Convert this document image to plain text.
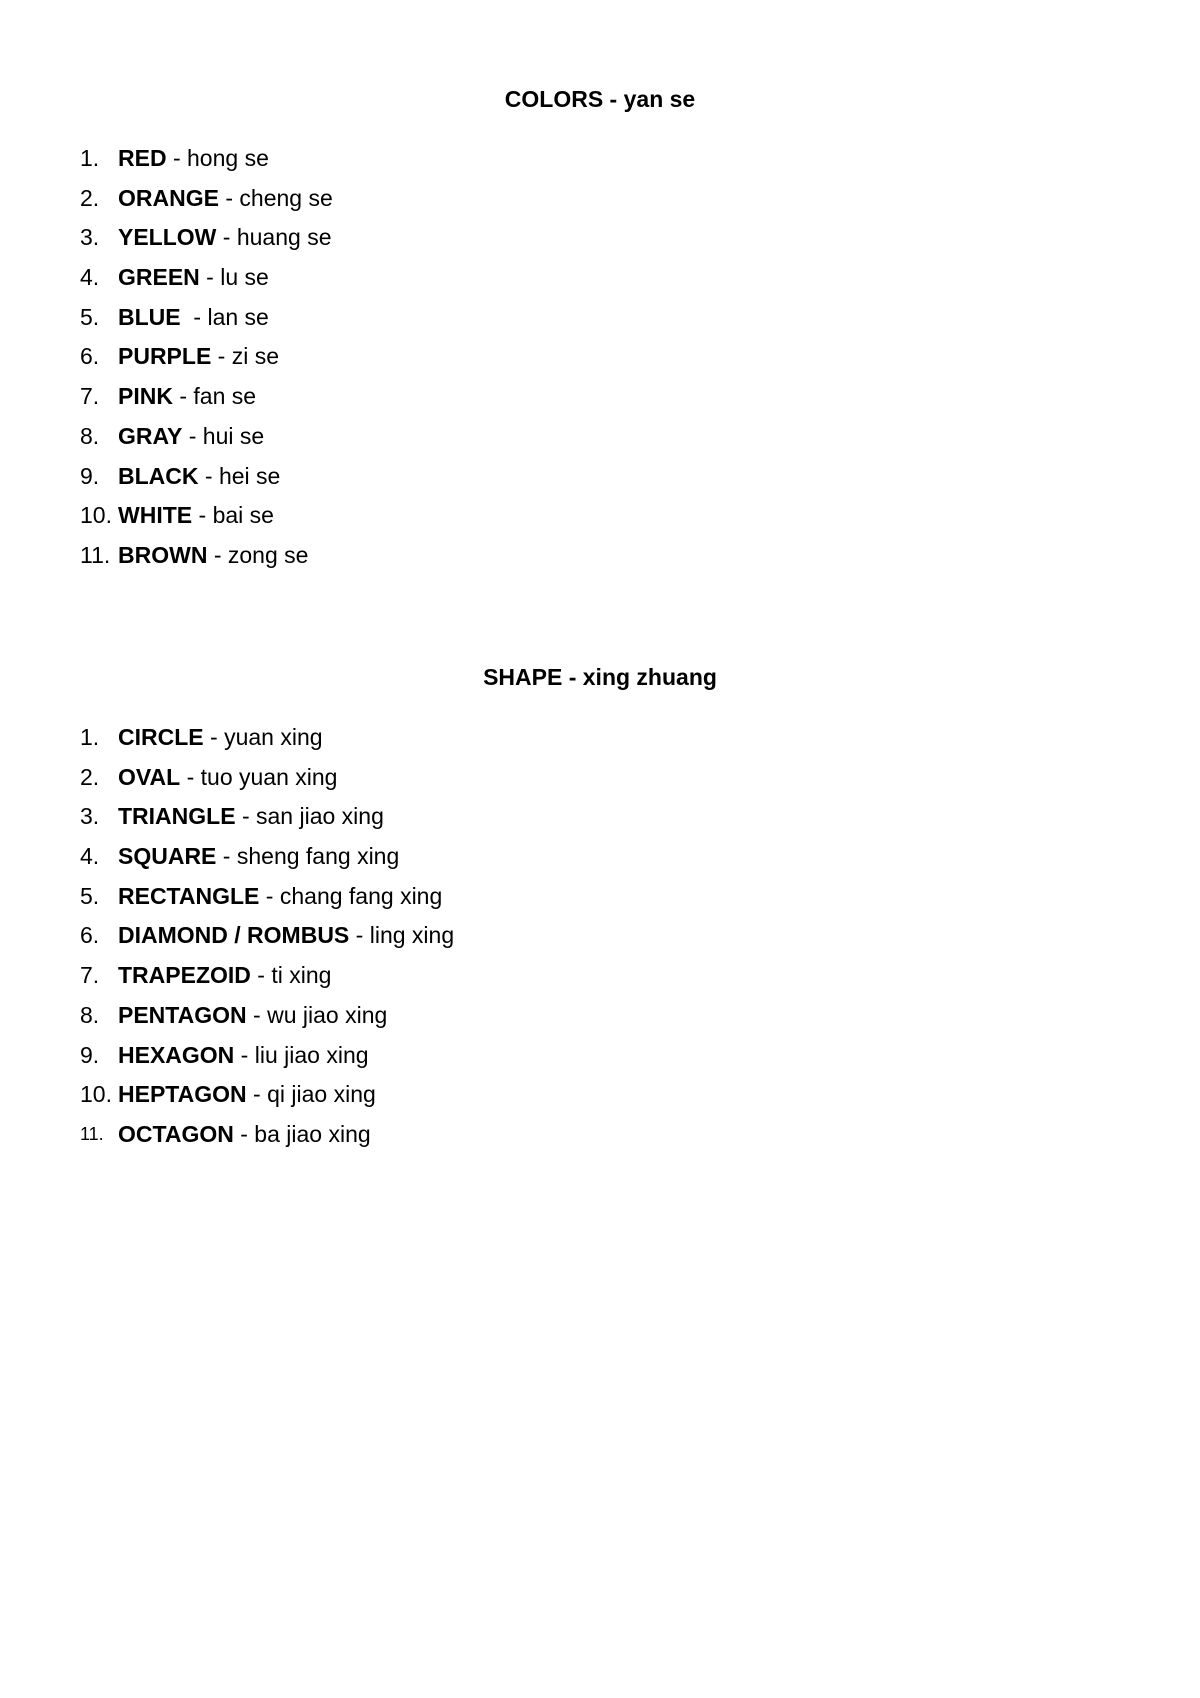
COLORS - yan se
1. RED - hong se
2. ORANGE - cheng se
3. YELLOW - huang se
4. GREEN - lu se
5. BLUE  - lan se
6. PURPLE - zi se
7. PINK - fan se
8. GRAY - hui se
9. BLACK - hei se
10. WHITE - bai se
11. BROWN - zong se
SHAPE - xing zhuang
1. CIRCLE - yuan xing
2. OVAL - tuo yuan xing
3. TRIANGLE - san jiao xing
4. SQUARE - sheng fang xing
5. RECTANGLE - chang fang xing
6. DIAMOND / ROMBUS - ling xing
7. TRAPEZOID - ti xing
8. PENTAGON - wu jiao xing
9. HEXAGON - liu jiao xing
10. HEPTAGON - qi jiao xing
11. OCTAGON - ba jiao xing
